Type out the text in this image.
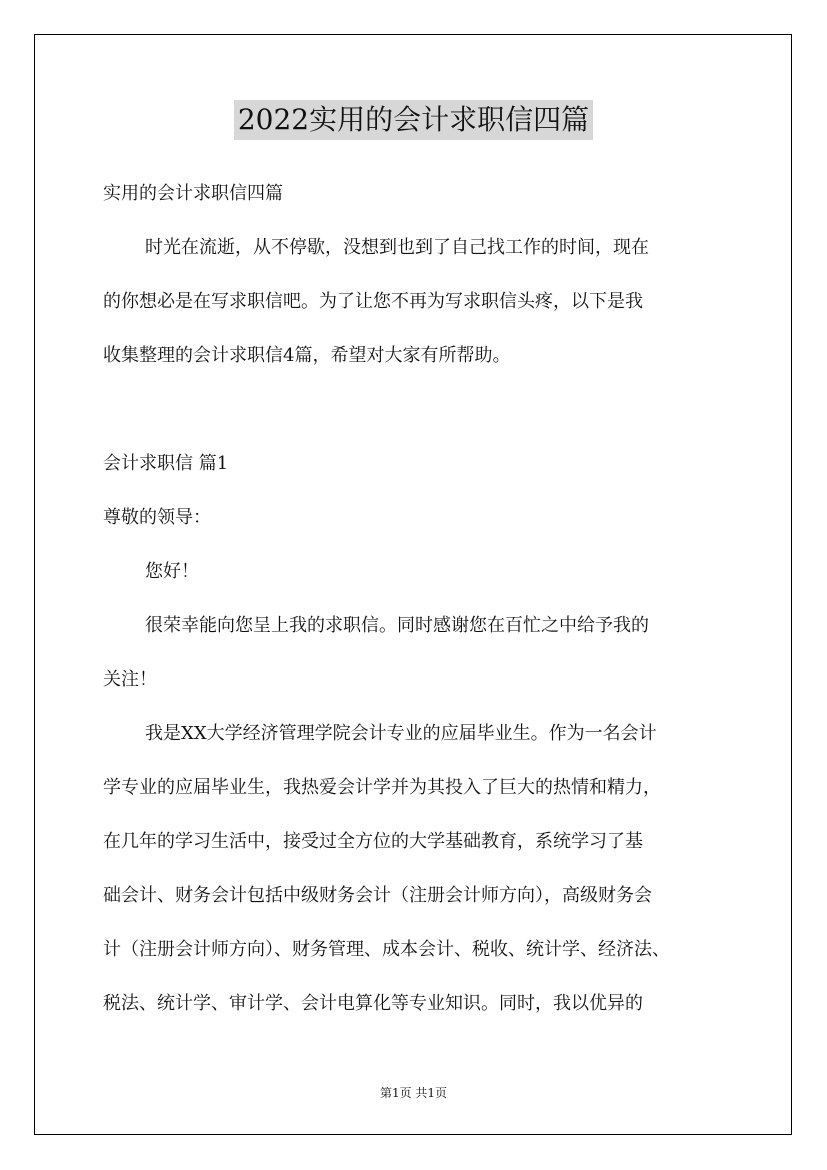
2022实用的会计求职信四篇
实用的会计求职信四篇
时光在流逝，从不停歇，没想到也到了自己找工作的时间，现在
的你想必是在写求职信吧。为了让您不再为写求职信头疼，以下是我
收集整理的会计求职信4篇，希望对大家有所帮助。
会计求职信 篇1
尊敬的领导：
您好！
很荣幸能向您呈上我的求职信。同时感谢您在百忙之中给予我的
关注！
我是XX大学经济管理学院会计专业的应届毕业生。作为一名会计
学专业的应届毕业生，我热爱会计学并为其投入了巨大的热情和精力，
在几年的学习生活中，接受过全方位的大学基础教育，系统学习了基
础会计、财务会计包括中级财务会计（注册会计师方向），高级财务会
计（注册会计师方向）、财务管理、成本会计、税收、统计学、经济法、
税法、统计学、审计学、会计电算化等专业知识。同时，我以优异的
第1页 共1页
